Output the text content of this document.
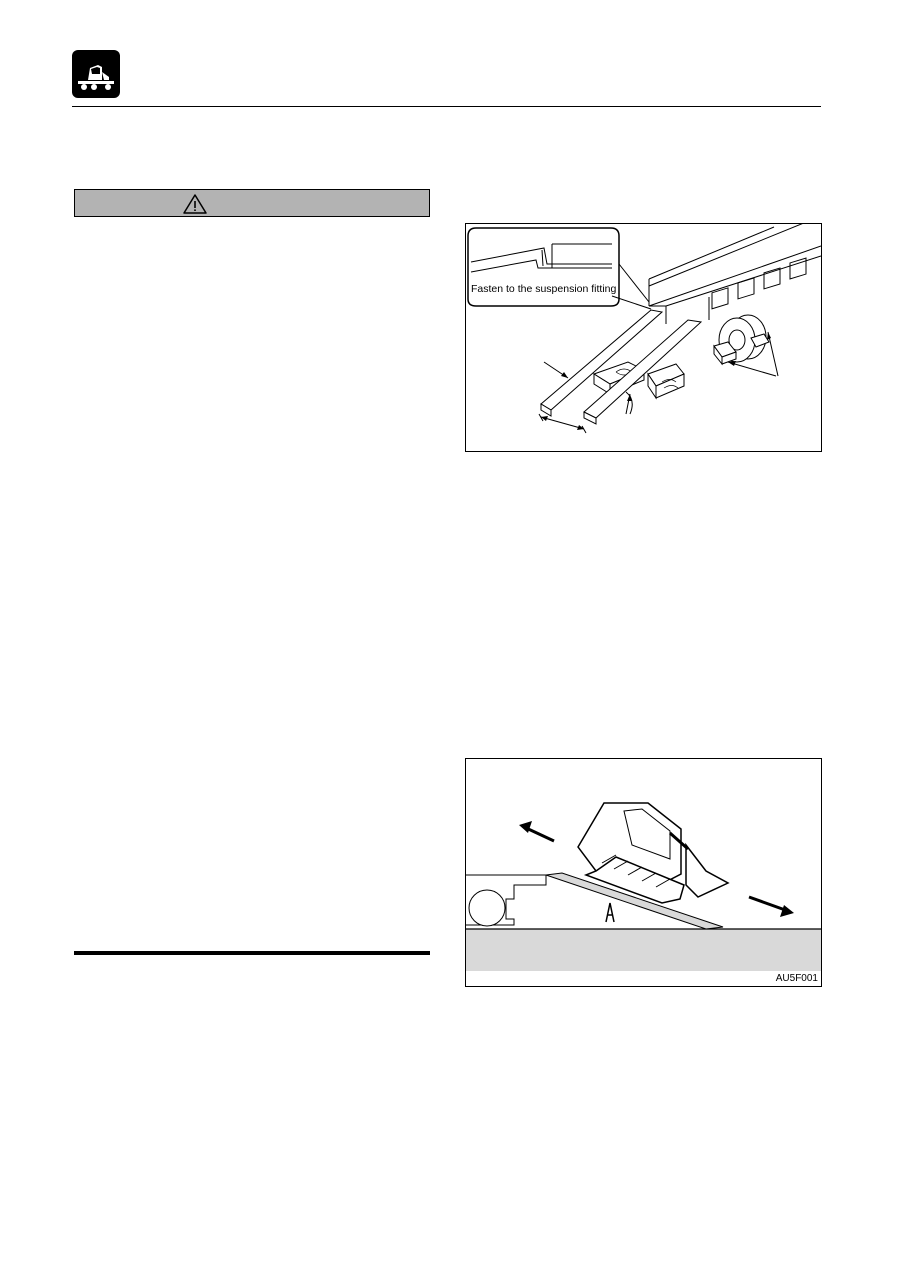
Fasten to the suspension fitting
AU5F001
